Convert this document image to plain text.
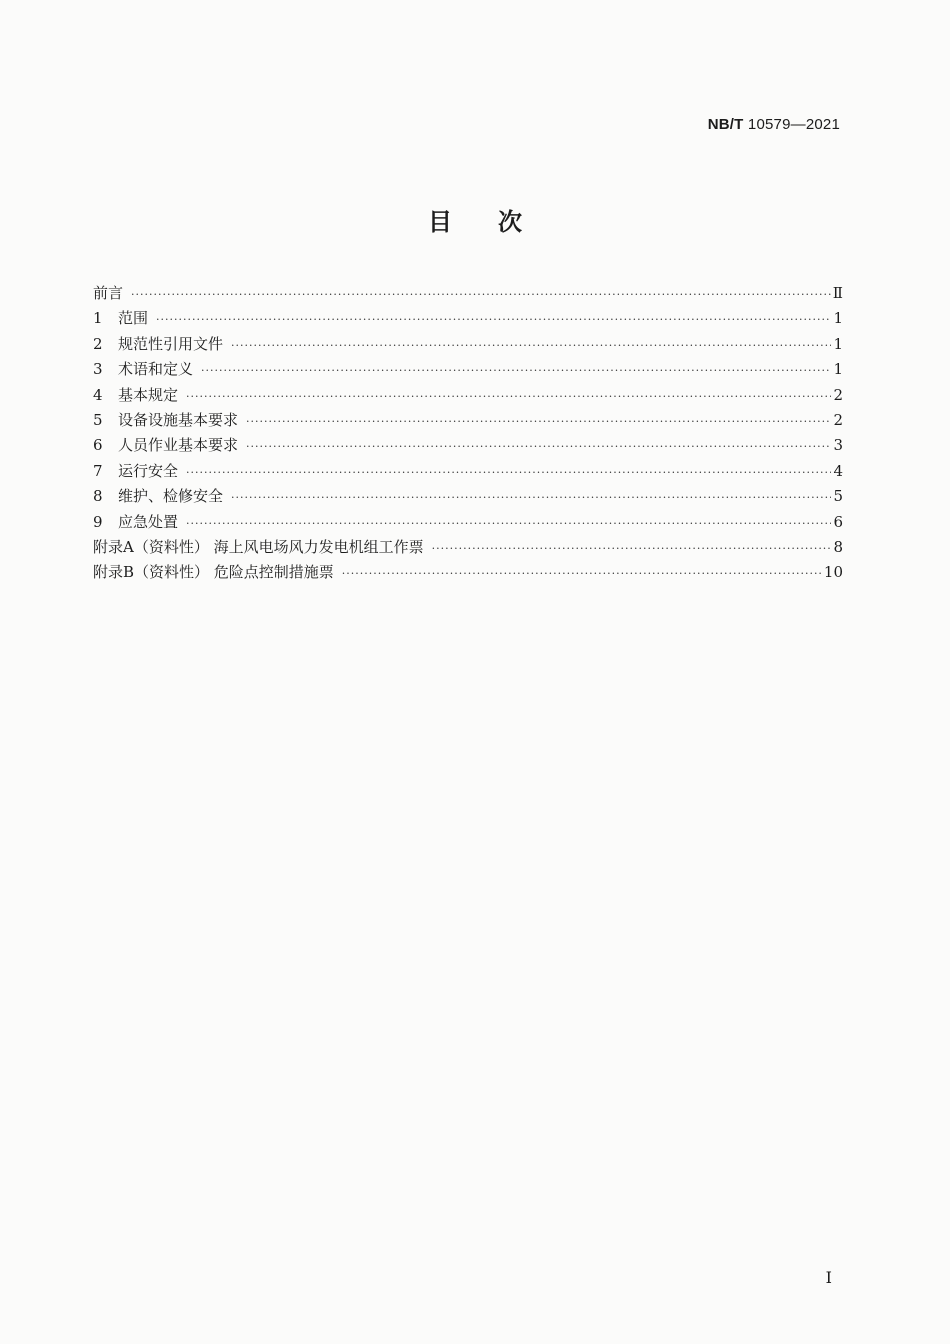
NB/T 10579—2021
目次
前言 ·····	Ⅱ
1	范围 ·····	1
2	规范性引用文件 ·····	1
3	术语和定义 ·····	1
4	基本规定 ·····	2
5	设备设施基本要求 ·····	2
6	人员作业基本要求 ·····	3
7	运行安全 ·····	4
8	维护、检修安全 ·····	5
9	应急处置 ·····	6
附录A（资料性） 海上风电场风力发电机组工作票 ·····	8
附录B（资料性） 危险点控制措施票 ·····	10
I
